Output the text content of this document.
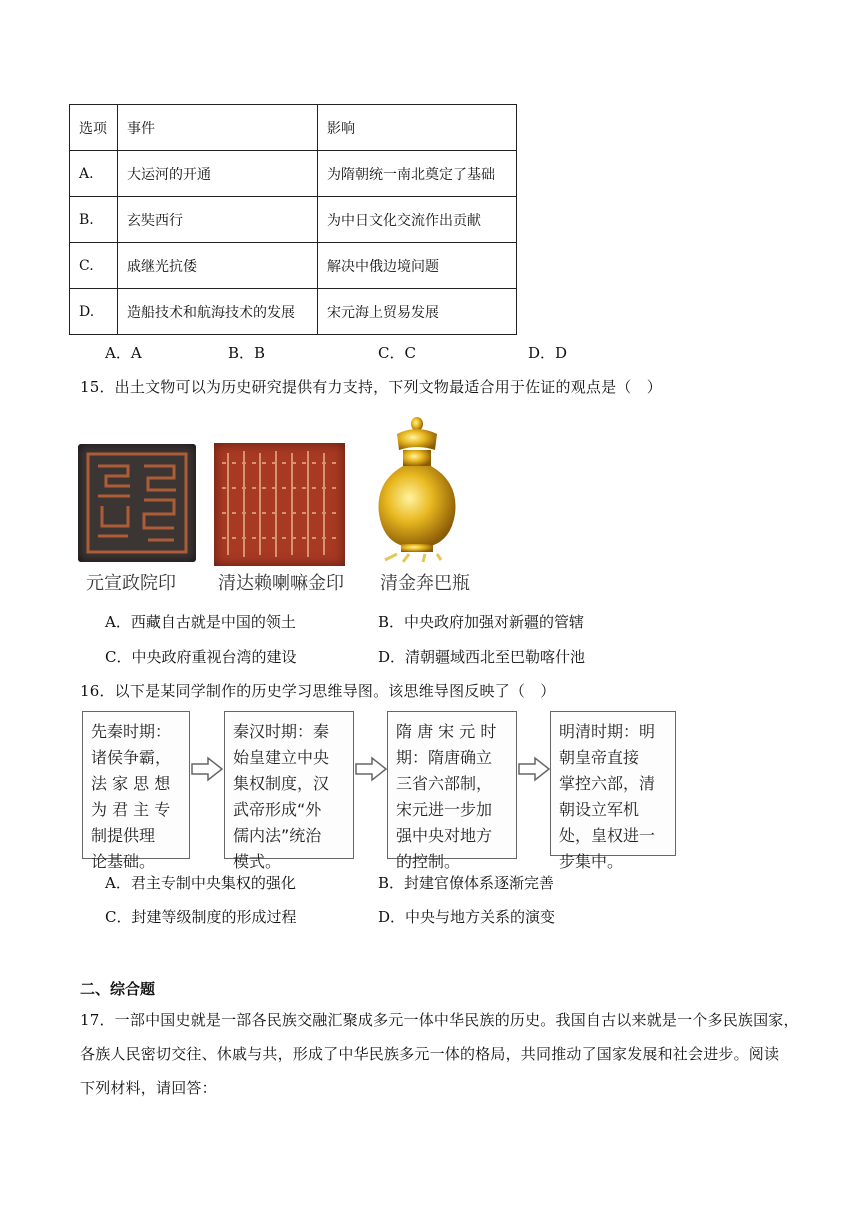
选项	事件	影响
A.	大运河的开通	为隋朝统一南北奠定了基础
B.	玄奘西行	为中日文化交流作出贡献
C.	戚继光抗倭	解决中俄边境问题
D.	造船技术和航海技术的发展	宋元海上贸易发展
A．A	B．B	C．C	D．D
15．出土文物可以为历史研究提供有力支持，下列文物最适合用于佐证的观点是（　）
元宣政院印 清达赖喇嘛金印 清金奔巴瓶
A．西藏自古就是中国的领土	B．中央政府加强对新疆的管辖
C．中央政府重视台湾的建设	D．清朝疆域西北至巴勒喀什池
16．以下是某同学制作的历史学习思维导图。该思维导图反映了（　）
先秦时期：
诸侯争霸，
法 家 思 想
为 君 主 专
制提供理
论基础。
秦汉时期：秦
始皇建立中央
集权制度，汉
武帝形成“外
儒内法”统治
模式。
隋 唐 宋 元 时
期：隋唐确立
三省六部制，
宋元进一步加
强中央对地方
的控制。
明清时期：明
朝皇帝直接
掌控六部，清
朝设立军机
处，皇权进一
步集中。
A．君主专制中央集权的强化	B．封建官僚体系逐渐完善
C．封建等级制度的形成过程	D．中央与地方关系的演变
二、综合题
17．一部中国史就是一部各民族交融汇聚成多元一体中华民族的历史。我国自古以来就是一个多民族国家，
各族人民密切交往、休戚与共，形成了中华民族多元一体的格局，共同推动了国家发展和社会进步。阅读
下列材料，请回答：
